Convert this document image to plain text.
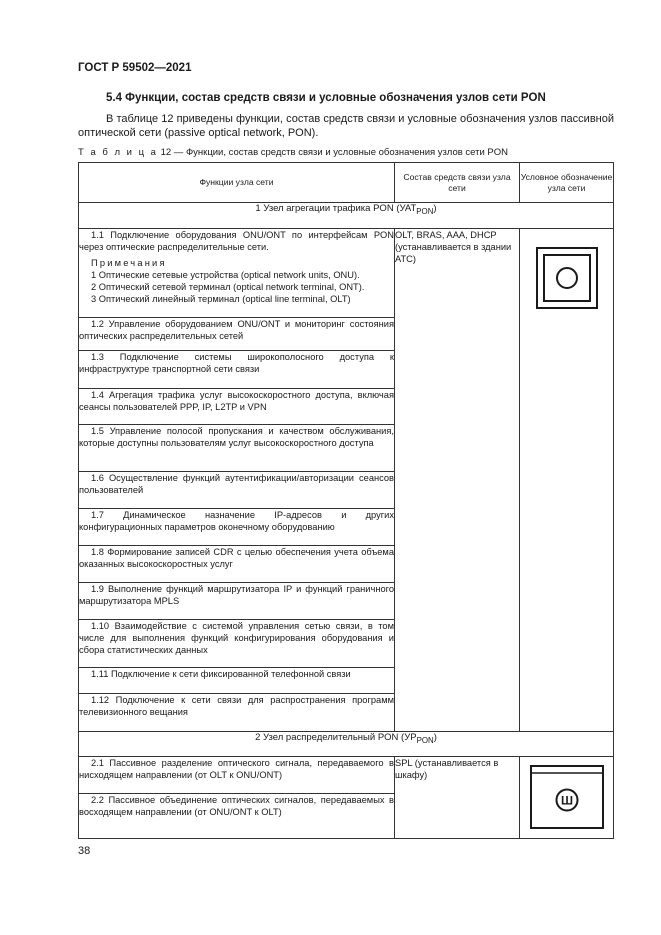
ГОСТ Р 59502—2021
5.4 Функции, состав средств связи и условные обозначения узлов сети PON
В таблице 12 приведены функции, состав средств связи и условные обозначения узлов пассивной оптической сети (passive optical network, PON).
Т а б л и ц а 12 — Функции, состав средств связи и условные обозначения узлов сети PON
Функции узла сети	Состав средств связи узла сети	Условное обозначение узла сети
1 Узел агрегации трафика PON $(УАТ_{PON})$		

1.1 Подключение оборудования ONU/ONT по интерфейсам PON через оптические распределительные сети.
Примечания
1 Оптические сетевые устройства (optical network units, ONU).
2 Оптический сетевой терминал (optical network terminal, ONT).
3 Оптический линейный терминал (optical line terminal, OLT)	OLT, BRAS, AAA, DHCP (устанавливается в здании АТС)	

1.2 Управление оборудованием ONU/ONT и мониторинг состояния оптических распределительных сетей		

1.3 Подключение системы широкополосного доступа к инфраструктуре транспортной сети связи		

1.4 Агрегация трафика услуг высокоскоростного доступа, включая сеансы пользователей PPP, IP, L2TP и VPN		

1.5 Управление полосой пропускания и качеством обслуживания, которые доступны пользователям услуг высокоскоростного доступа		

1.6 Осуществление функций аутентификации/авторизации сеансов пользователей		

1.7 Динамическое назначение IP-адресов и других конфигурационных параметров оконечному оборудованию		

1.8 Формирование записей CDR с целью обеспечения учета объема оказанных высокоскоростных услуг		

1.9 Выполнение функций маршрутизатора IP и функций граничного маршрутизатора MPLS		

1.10 Взаимодействие с системой управления сетью связи, в том числе для выполнения функций конфигурирования оборудования и сбора статистических данных		

1.11 Подключение к сети фиксированной телефонной связи		

1.12 Подключение к сети связи для распространения программ телевизионного вещания		

2 Узел распределительный PON $(УР_{PON})$		

2.1 Пассивное разделение оптического сигнала, передаваемого в нисходящем направлении (от OLT к ONU/ONT)	SPL (устанавливается в шкафу)	Ш

2.2 Пассивное объединение оптических сигналов, передаваемых в восходящем направлении (от ONU/ONT к OLT)		
38
